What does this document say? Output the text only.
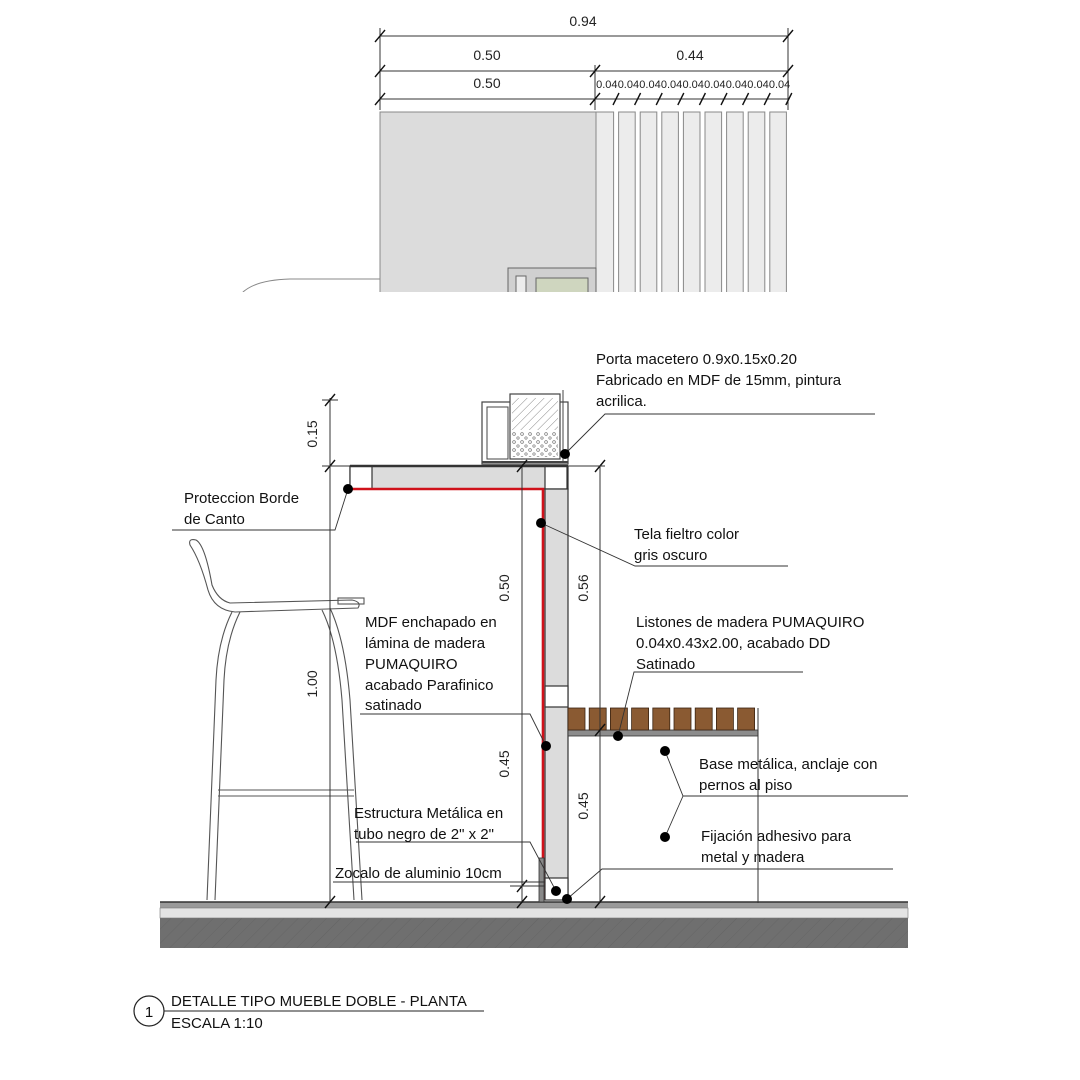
0.94
0.50	0.44
0.50	0.04 0.04 0.04 0.04 0.04 0.04 0.04 0.04 0.04
0.15
1.00
0.50
0.45
0.56
0.45
Porta macetero 0.9x0.15x0.20
Fabricado en MDF de 15mm, pintura
acrilica.
Proteccion Borde
de Canto
Tela fieltro color
gris oscuro
Listones de madera PUMAQUIRO
0.04x0.43x2.00, acabado DD
Satinado
MDF enchapado en
lámina de madera
PUMAQUIRO
acabado Parafinico
satinado
Base metálica, anclaje con
pernos al piso
Estructura Metálica en
tubo negro de 2" x 2"	Fijación adhesivo para
metal y madera
Zocalo de aluminio 10cm
1
DETALLE TIPO MUEBLE DOBLE - PLANTA
ESCALA 1:10
